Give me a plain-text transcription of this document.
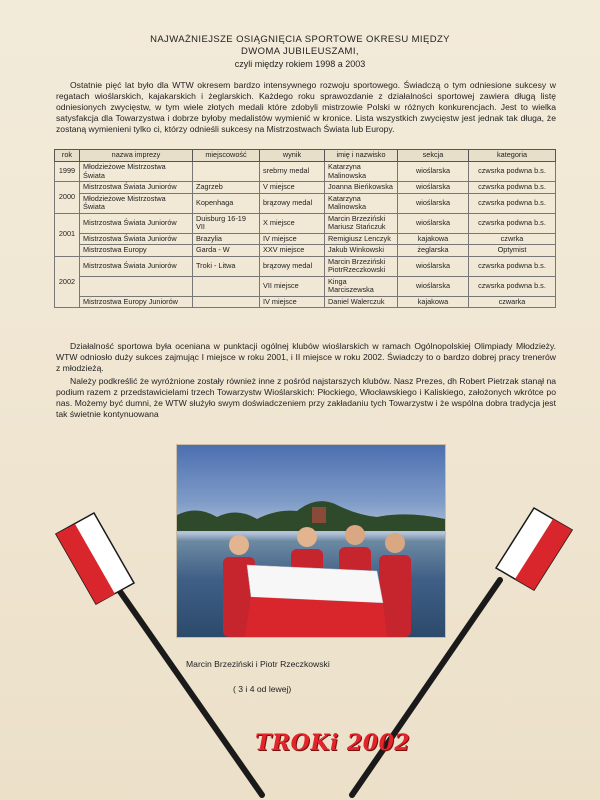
NAJWAŻNIEJSZE OSIĄGNIĘCIA SPORTOWE OKRESU MIĘDZY
DWOMA JUBILEUSZAMI,
czyli między rokiem 1998 a 2003
Ostatnie pięć lat było dla WTW okresem bardzo intensywnego rozwoju sportowego. Świadczą o tym odniesione sukcesy w regatach wioślarskich, kajakarskich i żeglarskich. Każdego roku sprawozdanie z działalności sportowej zawiera długą listę odniesionych zwycięstw, w tym wiele złotych medali które zdobyli mistrzowie Polski w różnych konkurencjach. Jest to wielka satysfakcja dla Towarzystwa i dobrze byłoby medalistów wymienić w kronice. Lista wszystkich zwycięstw jest jednak tak długa, że zostaną wymienieni tylko ci, którzy odnieśli sukcesy na Mistrzostwach Świata lub Europy.
rok	nazwa imprezy	miejscowość	wynik	imię i nazwisko	sekcja	kategoria
1999	Młodzieżowe Mistrzostwa Świata		srebrny medal	Katarzyna Malinowska	wioślarska	czwsrka podwna b.s.
2000	Mistrzostwa Świata Juniorów	Zagrzeb	V miejsce	Joanna Bieńkowska	wioślarska	czwsrka podwna b.s.
	Młodzieżowe Mistrzostwa Świata	Kopenhaga	brązowy medal	Katarzyna Malinowska	wioślarska	czwsrka podwna b.s.
2001	Mistrzostwa Świata Juniorów	Duisburg 16-19 VII	X miejsce	Marcin Brzeziński Mariusz Stańczuk	wioślarska	czwsrka podwna b.s.
	Mistrzostwa Świata Juniorów	Brazylia	IV miejsce	Remigiusz Lenczyk	kajakowa	czwrka
	Mistrzostwa Europy	Garda - W	XXV miejsce	Jakub Winkowski	żeglarska	Optymist
2002	Mistrzostwa Świata Juniorów	Troki - Litwa	brązowy medal	Marcin Brzeziński PiotrRzeczkowski	wioślarska	czwsrka podwna b.s.
			VII miejsce	Kinga Marciszewska	wioślarska	czwsrka podwna b.s.
	Mistrzostwa Europy Juniorów		IV miejsce	Daniel Walerczuk	kajakowa	czwarka
Działalność sportowa była oceniana w punktacji ogólnej klubów wioślarskich w ramach Ogólnopolskiej Olimpiady Młodzieży. WTW odniosło duży sukces zajmując I miejsce w roku 2001, i II miejsce w roku 2002. Świadczy to o bardzo dobrej pracy trenerów z młodzieżą.
Należy podkreślić że wyróżnione zostały również inne z pośród najstarszych klubów. Nasz Prezes, dh Robert Pietrzak stanął na podium razem z przedstawicielami trzech Towarzystw Wioślarskich: Płockiego, Włocławskiego i Kaliskiego, założonych wkrótce po nas. Możemy być dumni, że WTW służyło swym doświadczeniem przy zakładaniu tych Towarzystw i że wspólna dobra tradycja jest tak świetnie kontynuowana
Marcin Brzeziński i Piotr Rzeczkowski
( 3 i 4 od lewej)
TROKi 2002
